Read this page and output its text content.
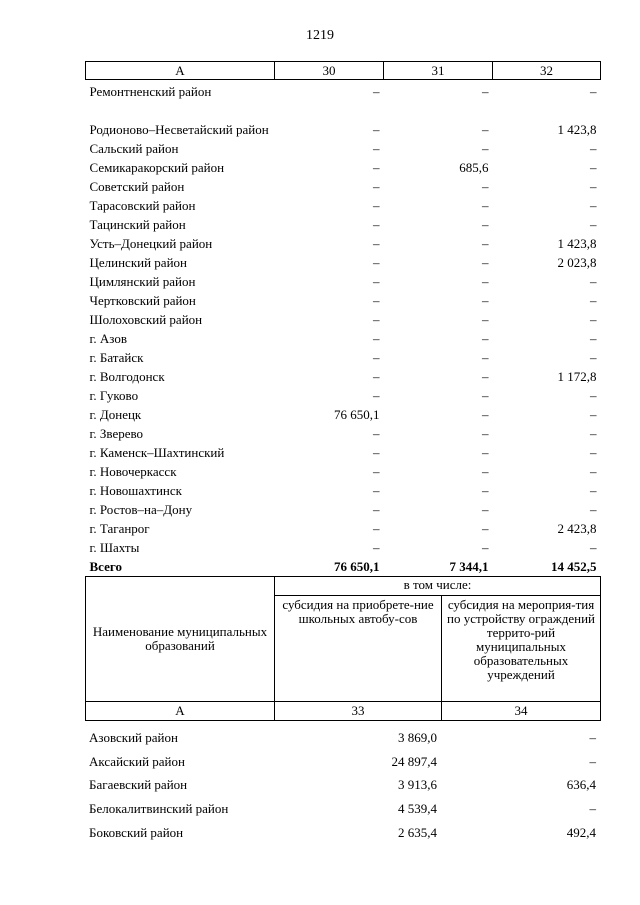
1219
А	30	31	32
Ремонтненский район	–	–	–
Родионово–Несветайский район	–	–	1 423,8
Сальский район	–	–	–
Семикаракорский район	–	685,6	–
Советский район	–	–	–
Тарасовский район	–	–	–
Тацинский район	–	–	–
Усть–Донецкий район	–	–	1 423,8
Целинский район	–	–	2 023,8
Цимлянский район	–	–	–
Чертковский район	–	–	–
Шолоховский район	–	–	–
г. Азов	–	–	–
г. Батайск	–	–	–
г. Волгодонск	–	–	1 172,8
г. Гуково	–	–	–
г. Донецк	76 650,1	–	–
г. Зверево	–	–	–
г. Каменск–Шахтинский	–	–	–
г. Новочеркасск	–	–	–
г. Новошахтинск	–	–	–
г. Ростов–на–Дону	–	–	–
г. Таганрог	–	–	2 423,8
г. Шахты	–	–	–
Всего	76 650,1	7 344,1	14 452,5
Наименование муниципальных образований	в том числе:	
	субсидия на приобрете-ние школьных автобу-сов	субсидия на мероприя-тия по устройству ограждений террито-рий муниципальных образовательных учреждений
А	33	34
Азовский район	3 869,0	–
Аксайский район	24 897,4	–
Багаевский район	3 913,6	636,4
Белокалитвинский район	4 539,4	–
Боковский район	2 635,4	492,4
